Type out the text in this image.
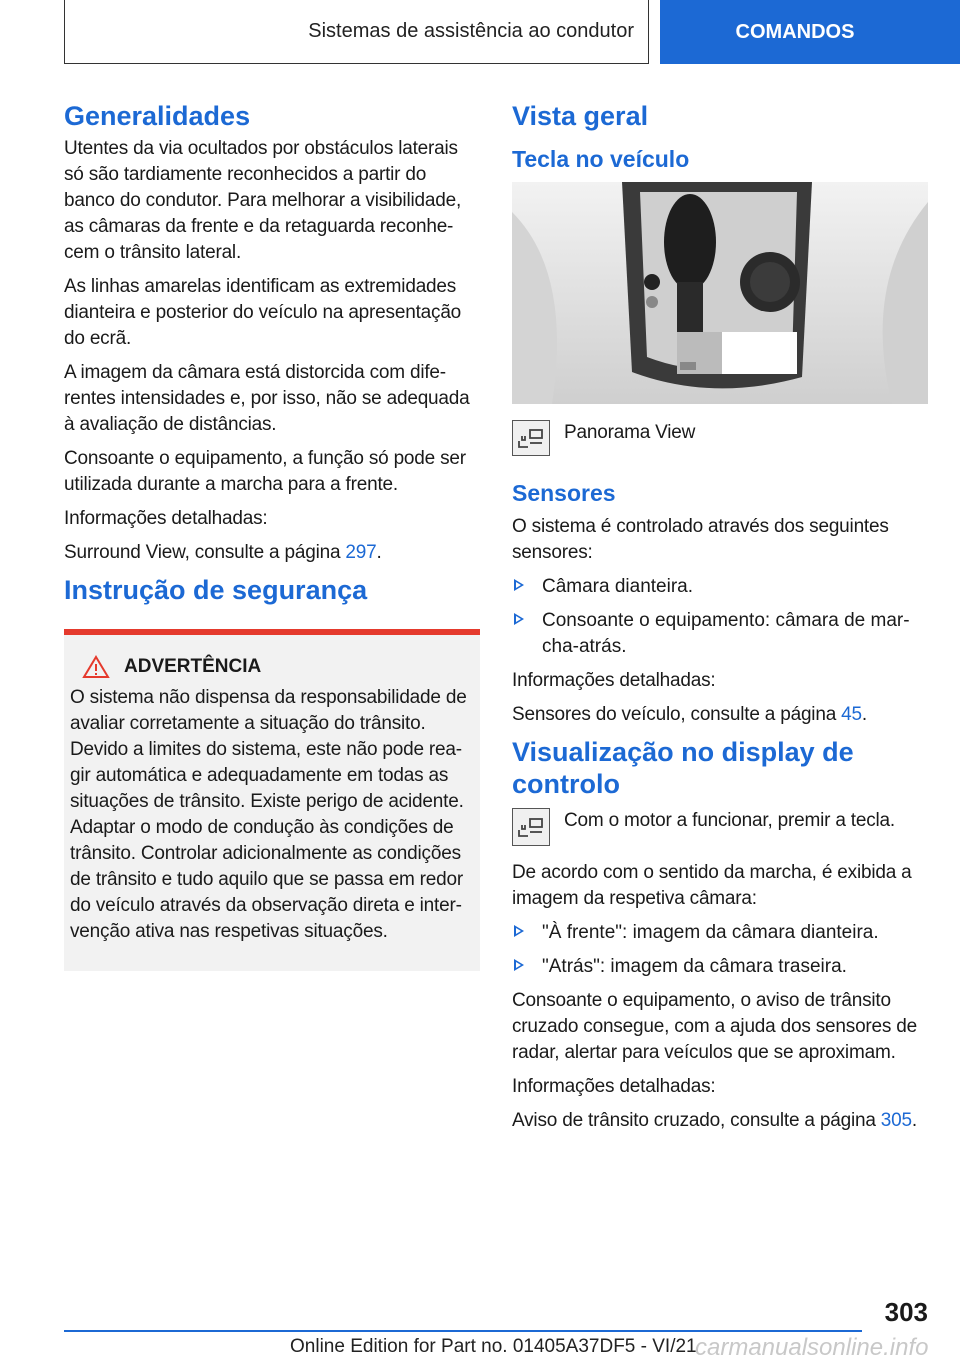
Sistemas de assistência ao condutor	COMANDOS
Generalidades

Utentes da via ocultados por obstáculos laterais só são tardiamente reconhecidos a partir do banco do condutor. Para melhorar a visibilidade, as câmaras da frente e da retaguarda reconhe-cem o trânsito lateral.

As linhas amarelas identificam as extremidades dianteira e posterior do veículo na apresentação do ecrã.

A imagem da câmara está distorcida com dife-rentes intensidades e, por isso, não se adequada à avaliação de distâncias.

Consoante o equipamento, a função só pode ser utilizada durante a marcha para a frente.

Informações detalhadas:

Surround View, consulte a página 297.

Instrução de segurança
ADVERTÊNCIA

O sistema não dispensa da responsabilidade de avaliar corretamente a situação do trânsito. Devido a limites do sistema, este não pode rea-gir automática e adequadamente em todas as situações de trânsito. Existe perigo de acidente. Adaptar o modo de condução às condições de trânsito. Controlar adicionalmente as condições de trânsito e tudo aquilo que se passa em redor do veículo através da observação direta e inter-venção ativa nas respetivas situações.

Vista geral
Tecla no veículo

Panorama View

Sensores

O sistema é controlado através dos seguintes sensores:

Câmara dianteira.
Consoante o equipamento: câmara de mar-cha-atrás.

Informações detalhadas:

Sensores do veículo, consulte a página 45.

Visualização no display de controlo

Com o motor a funcionar, premir a tecla.

De acordo com o sentido da marcha, é exibida a imagem da respetiva câmara:

"À frente": imagem da câmara dianteira.
"Atrás": imagem da câmara traseira.

Consoante o equipamento, o aviso de trânsito cruzado consegue, com a ajuda dos sensores de radar, alertar para veículos que se aproximam.

Informações detalhadas:

Aviso de trânsito cruzado, consulte a página 305.

303
Online Edition for Part no. 01405A37DF5 - VI/21
carmanualsonline.info
